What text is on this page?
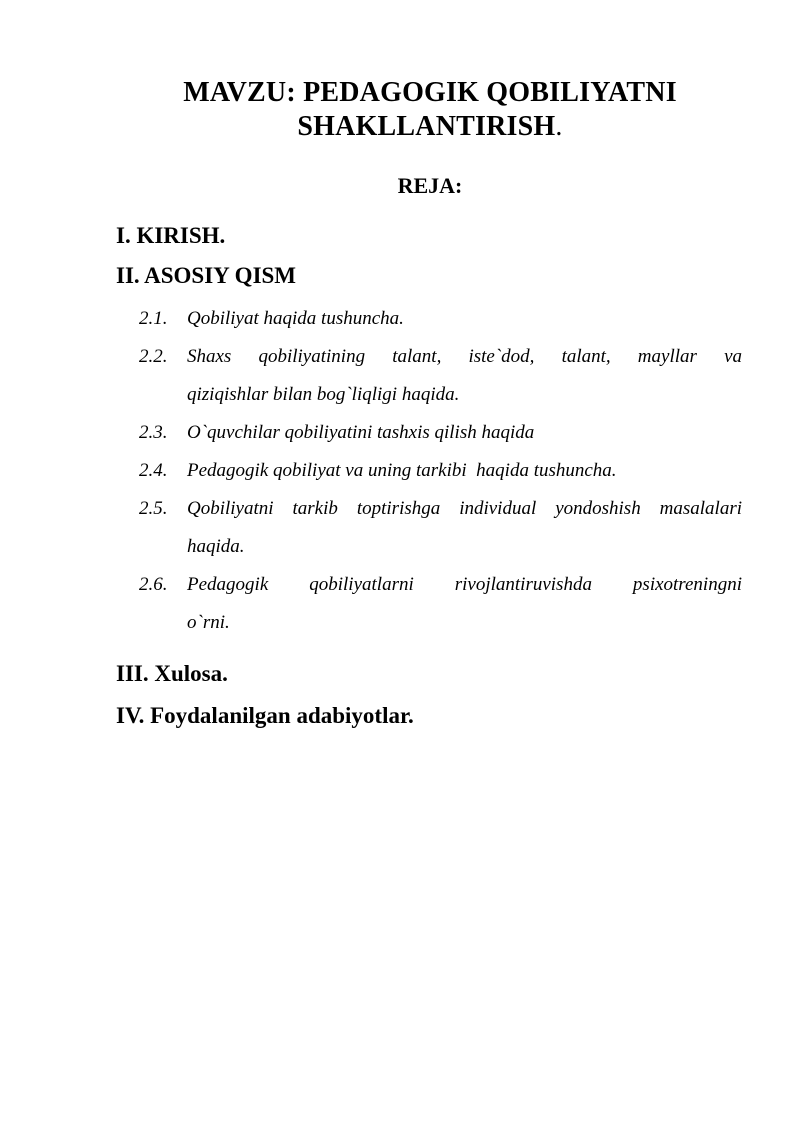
MAVZU: PEDAGOGIK QOBILIYATNI SHAKLLANTIRISH.
REJA:
I. KIRISH.
II. ASOSIY QISM
2.1.	Qobiliyat haqida tushuncha.
2.2.	Shaxs qobiliyatining talant, iste`dod, talant, mayllar va
qiziqishlar bilan bog`liqligi haqida.
2.3.	O`quvchilar qobiliyatini tashxis qilish haqida
2.4.	Pedagogik qobiliyat va uning tarkibi  haqida tushuncha.
2.5.	Qobiliyatni tarkib toptirishga individual yondoshish masalalari
haqida.
2.6.	Pedagogik qobiliyatlarni rivojlantiruvishda psixotreningni
o`rni.
III. Xulosa.
IV. Foydalanilgan adabiyotlar.
